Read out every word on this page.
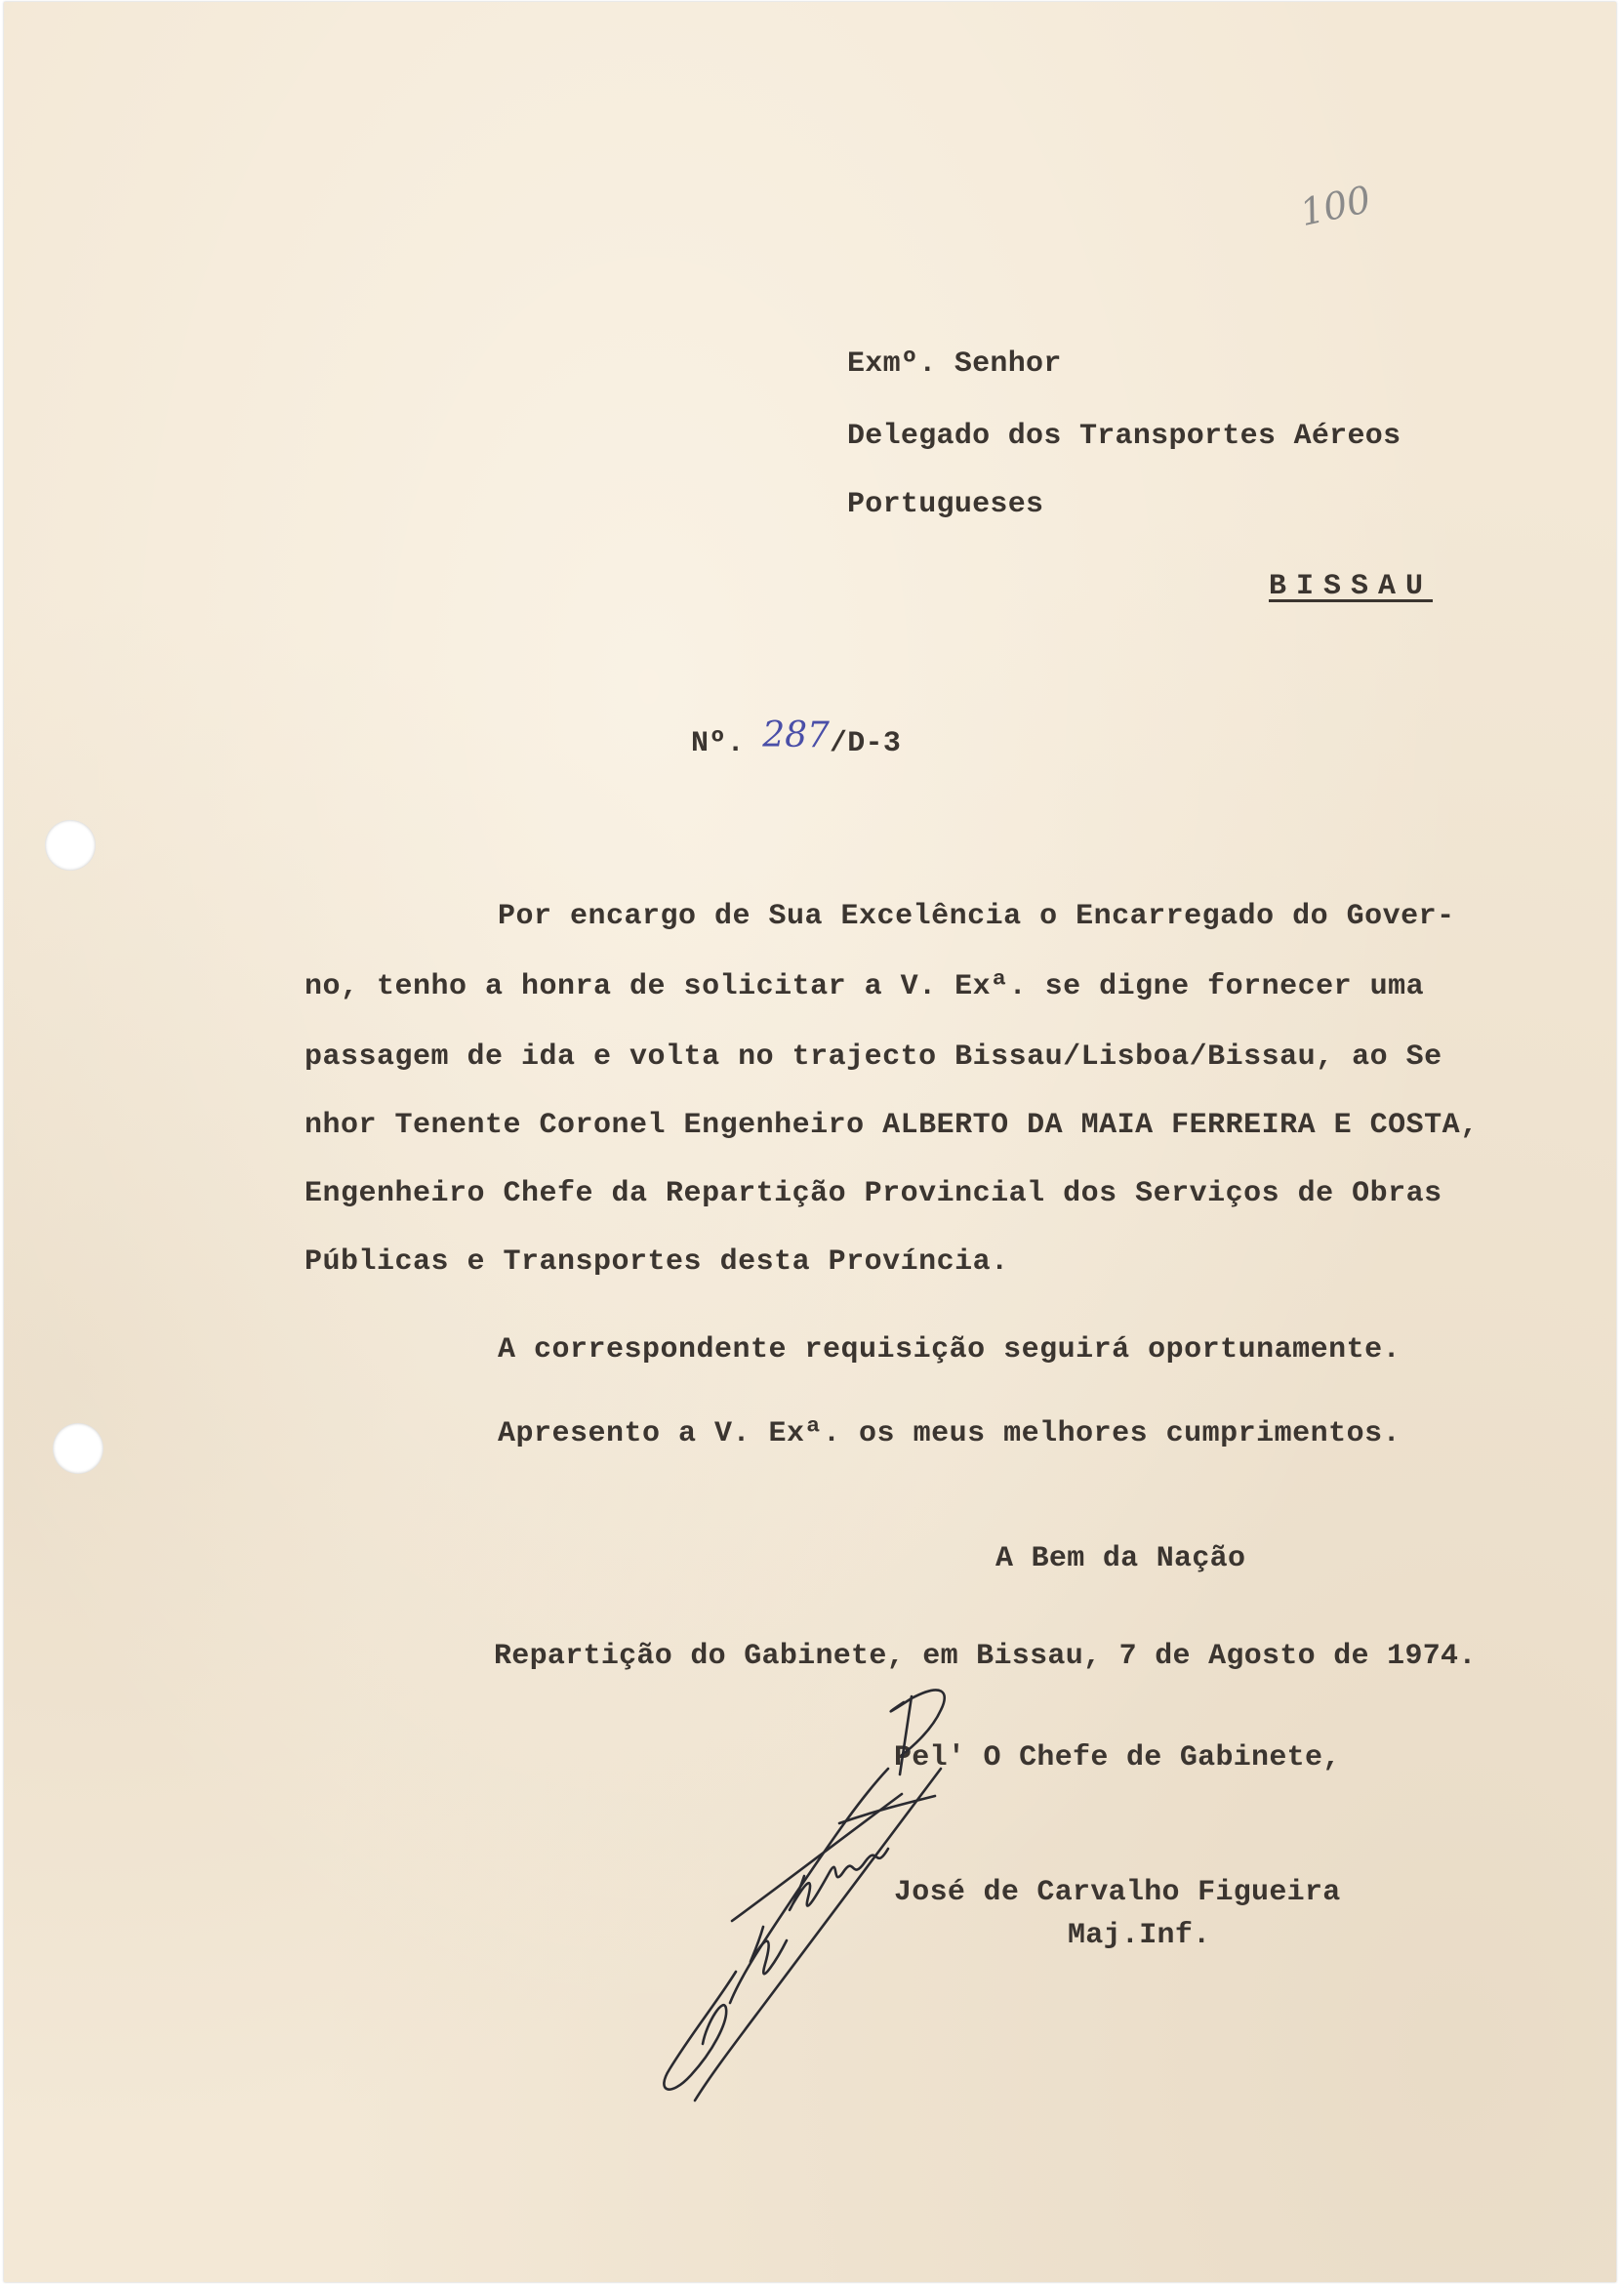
100
Exmº. Senhor
Delegado dos Transportes Aéreos
Portugueses
BISSAU
Nº. 287/D-3
Por encargo de Sua Excelência o Encarregado do Gover-
no, tenho a honra de solicitar a V. Exª. se digne fornecer uma
passagem de ida e volta no trajecto Bissau/Lisboa/Bissau, ao Se
nhor Tenente Coronel Engenheiro ALBERTO DA MAIA FERREIRA E COSTA,
Engenheiro Chefe da Repartição Provincial dos Serviços de Obras
Públicas e Transportes desta Província.
A correspondente requisição seguirá oportunamente.
Apresento a V. Exª. os meus melhores cumprimentos.
A Bem da Nação
Repartição do Gabinete, em Bissau, 7 de Agosto de 1974.
Pel' O Chefe de Gabinete,
José de Carvalho Figueira
Maj.Inf.
